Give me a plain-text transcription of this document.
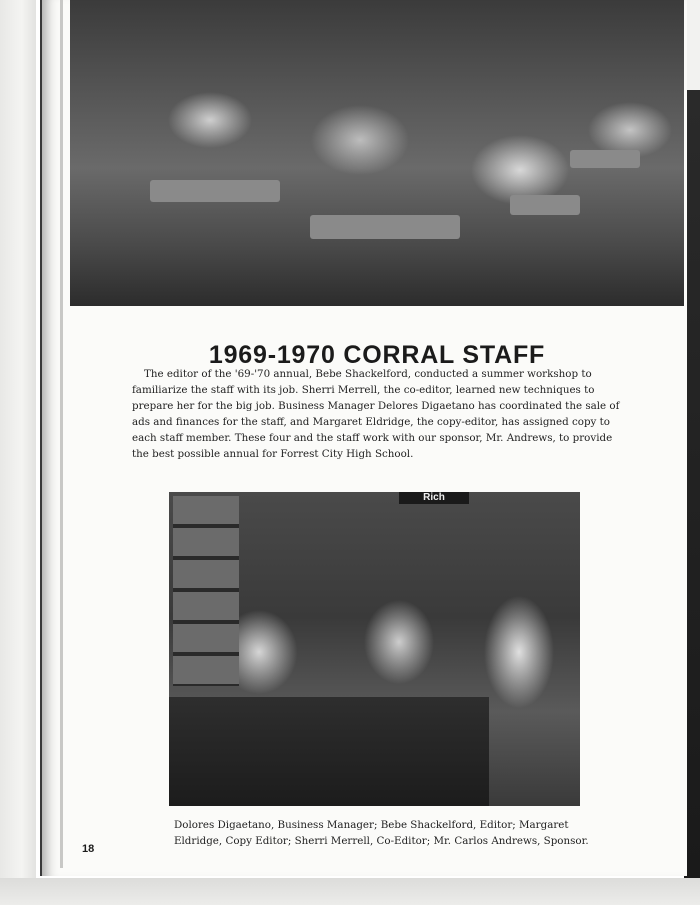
1969-1970 CORRAL STAFF

The editor of the '69-'70 annual, Bebe Shackelford, conducted a summer workshop to familiarize the staff with its job. Sherri Merrell, the co-editor, learned new techniques to prepare her for the big job. Business Manager Delores Digaetano has coordinated the sale of ads and finances for the staff, and Margaret Eldridge, the copy-editor, has assigned copy to each staff member. These four and the staff work with our sponsor, Mr. Andrews, to provide the best possible annual for Forrest City High School.

Rich
Dolores Digaetano, Business Manager; Bebe Shackelford, Editor; Margaret Eldridge, Copy Editor; Sherri Merrell, Co-Editor; Mr. Carlos Andrews, Sponsor.
18
